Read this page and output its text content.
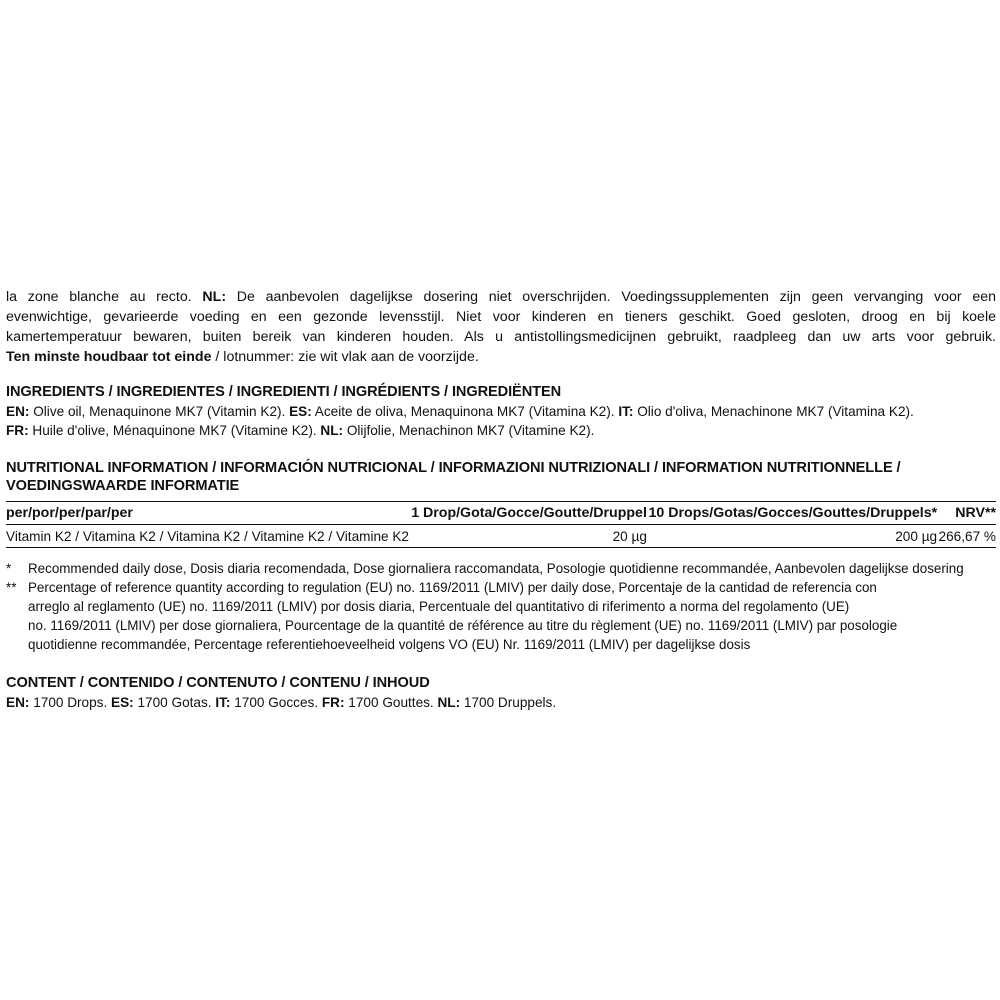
la zone blanche au recto. NL: De aanbevolen dagelijkse dosering niet overschrijden. Voedingssupplementen zijn geen vervanging voor een
evenwichtige, gevarieerde voeding en een gezonde levensstijl. Niet voor kinderen en tieners geschikt. Goed gesloten, droog en bij koele
kamertemperatuur bewaren, buiten bereik van kinderen houden. Als u antistollingsmedicijnen gebruikt, raadpleeg dan uw arts voor gebruik.
Ten minste houdbaar tot einde / lotnummer: zie wit vlak aan de voorzijde.
INGREDIENTS / INGREDIENTES / INGREDIENTI / INGRÉDIENTS / INGREDIËNTEN
EN: Olive oil, Menaquinone MK7 (Vitamin K2). ES: Aceite de oliva, Menaquinona MK7 (Vitamina K2). IT: Olio d'oliva, Menachinone MK7 (Vitamina K2).
FR: Huile d'olive, Ménaquinone MK7 (Vitamine K2). NL: Olijfolie, Menachinon MK7 (Vitamine K2).
NUTRITIONAL INFORMATION / INFORMACIÓN NUTRICIONAL / INFORMAZIONI NUTRIZIONALI / INFORMATION NUTRITIONNELLE /
VOEDINGSWAARDE INFORMATIE
per/por/per/par/per	1 Drop/Gota/Gocce/Goutte/Druppel	10 Drops/Gotas/Gocces/Gouttes/Druppels*	NRV**
Vitamin K2 / Vitamina K2 / Vitamina K2 / Vitamine K2 / Vitamine K2	20 µg	200 µg	266,67 %
* Recommended daily dose, Dosis diaria recomendada, Dose giornaliera raccomandata, Posologie quotidienne recommandée, Aanbevolen dagelijkse dosering
** Percentage of reference quantity according to regulation (EU) no. 1169/2011 (LMIV) per daily dose, Porcentaje de la cantidad de referencia con
arreglo al reglamento (UE) no. 1169/2011 (LMIV) por dosis diaria, Percentuale del quantitativo di riferimento a norma del regolamento (UE)
no. 1169/2011 (LMIV) per dose giornaliera, Pourcentage de la quantité de référence au titre du règlement (UE) no. 1169/2011 (LMIV) par posologie
quotidienne recommandée, Percentage referentiehoeveelheid volgens VO (EU) Nr. 1169/2011 (LMIV) per dagelijkse dosis
CONTENT / CONTENIDO / CONTENUTO / CONTENU / INHOUD
EN: 1700 Drops. ES: 1700 Gotas. IT: 1700 Gocces. FR: 1700 Gouttes. NL: 1700 Druppels.
